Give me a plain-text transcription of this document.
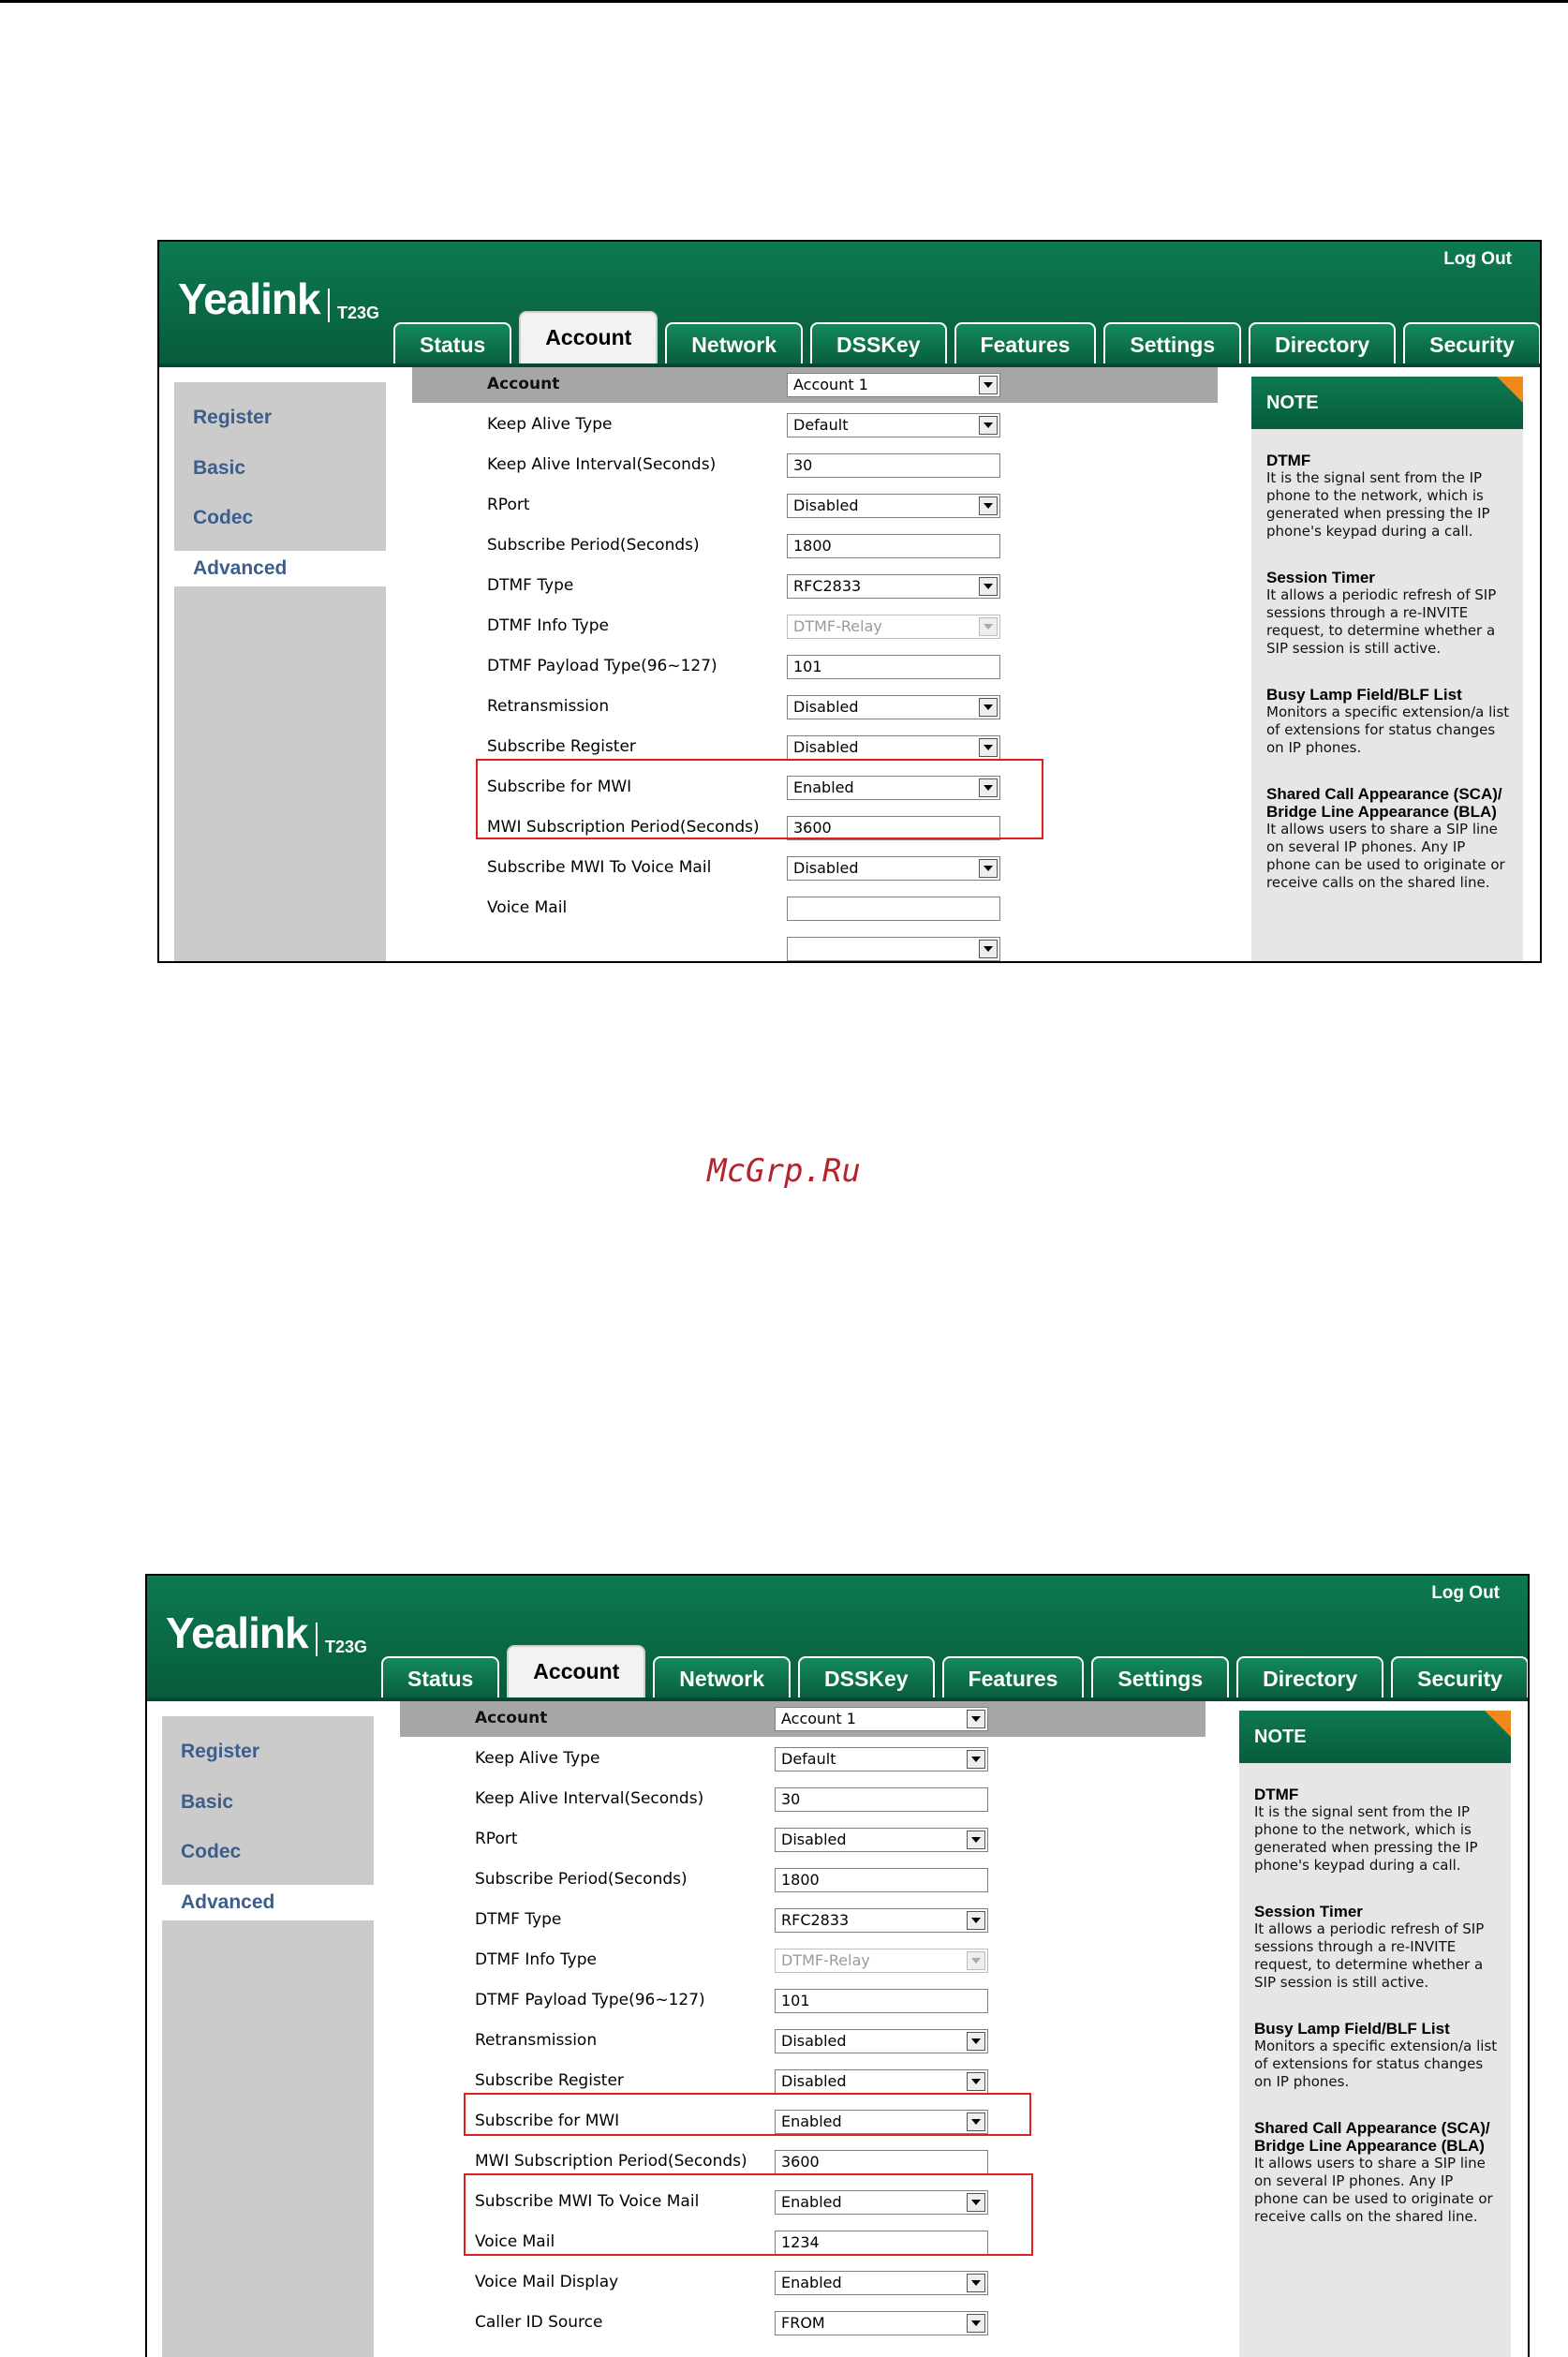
Yealink	T23G
Log Out
Status	Account	Network	DSSKey	Features	Settings	Directory	Security
Register
Basic
Codec
Advanced
Account	Account 1
Keep Alive Type	Default
Keep Alive Interval(Seconds)	30
RPort	Disabled
Subscribe Period(Seconds)	1800
DTMF Type	RFC2833
DTMF Info Type	DTMF-Relay
DTMF Payload Type(96~127)	101
Retransmission	Disabled
Subscribe Register	Disabled
Subscribe for MWI	Enabled
MWI Subscription Period(Seconds)	3600
Subscribe MWI To Voice Mail	Disabled
Voice Mail
NOTE
DTMF
It is the signal sent from the IP phone to the network, which is generated when pressing the IP phone's keypad during a call.
Session Timer
It allows a periodic refresh of SIP sessions through a re-INVITE request, to determine whether a SIP session is still active.
Busy Lamp Field/BLF List
Monitors a specific extension/a list of extensions for status changes on IP phones.
Shared Call Appearance (SCA)/ Bridge Line Appearance (BLA)
It allows users to share a SIP line on several IP phones. Any IP phone can be used to originate or receive calls on the shared line.
McGrp.Ru
Yealink	T23G
Log Out
Status	Account	Network	DSSKey	Features	Settings	Directory	Security
Register
Basic
Codec
Advanced
Account	Account 1
Keep Alive Type	Default
Keep Alive Interval(Seconds)	30
RPort	Disabled
Subscribe Period(Seconds)	1800
DTMF Type	RFC2833
DTMF Info Type	DTMF-Relay
DTMF Payload Type(96~127)	101
Retransmission	Disabled
Subscribe Register	Disabled
Subscribe for MWI	Enabled
MWI Subscription Period(Seconds)	3600
Subscribe MWI To Voice Mail	Enabled
Voice Mail	1234
Voice Mail Display	Enabled
Caller ID Source	FROM
NOTE
DTMF
It is the signal sent from the IP phone to the network, which is generated when pressing the IP phone's keypad during a call.
Session Timer
It allows a periodic refresh of SIP sessions through a re-INVITE request, to determine whether a SIP session is still active.
Busy Lamp Field/BLF List
Monitors a specific extension/a list of extensions for status changes on IP phones.
Shared Call Appearance (SCA)/ Bridge Line Appearance (BLA)
It allows users to share a SIP line on several IP phones. Any IP phone can be used to originate or receive calls on the shared line.
